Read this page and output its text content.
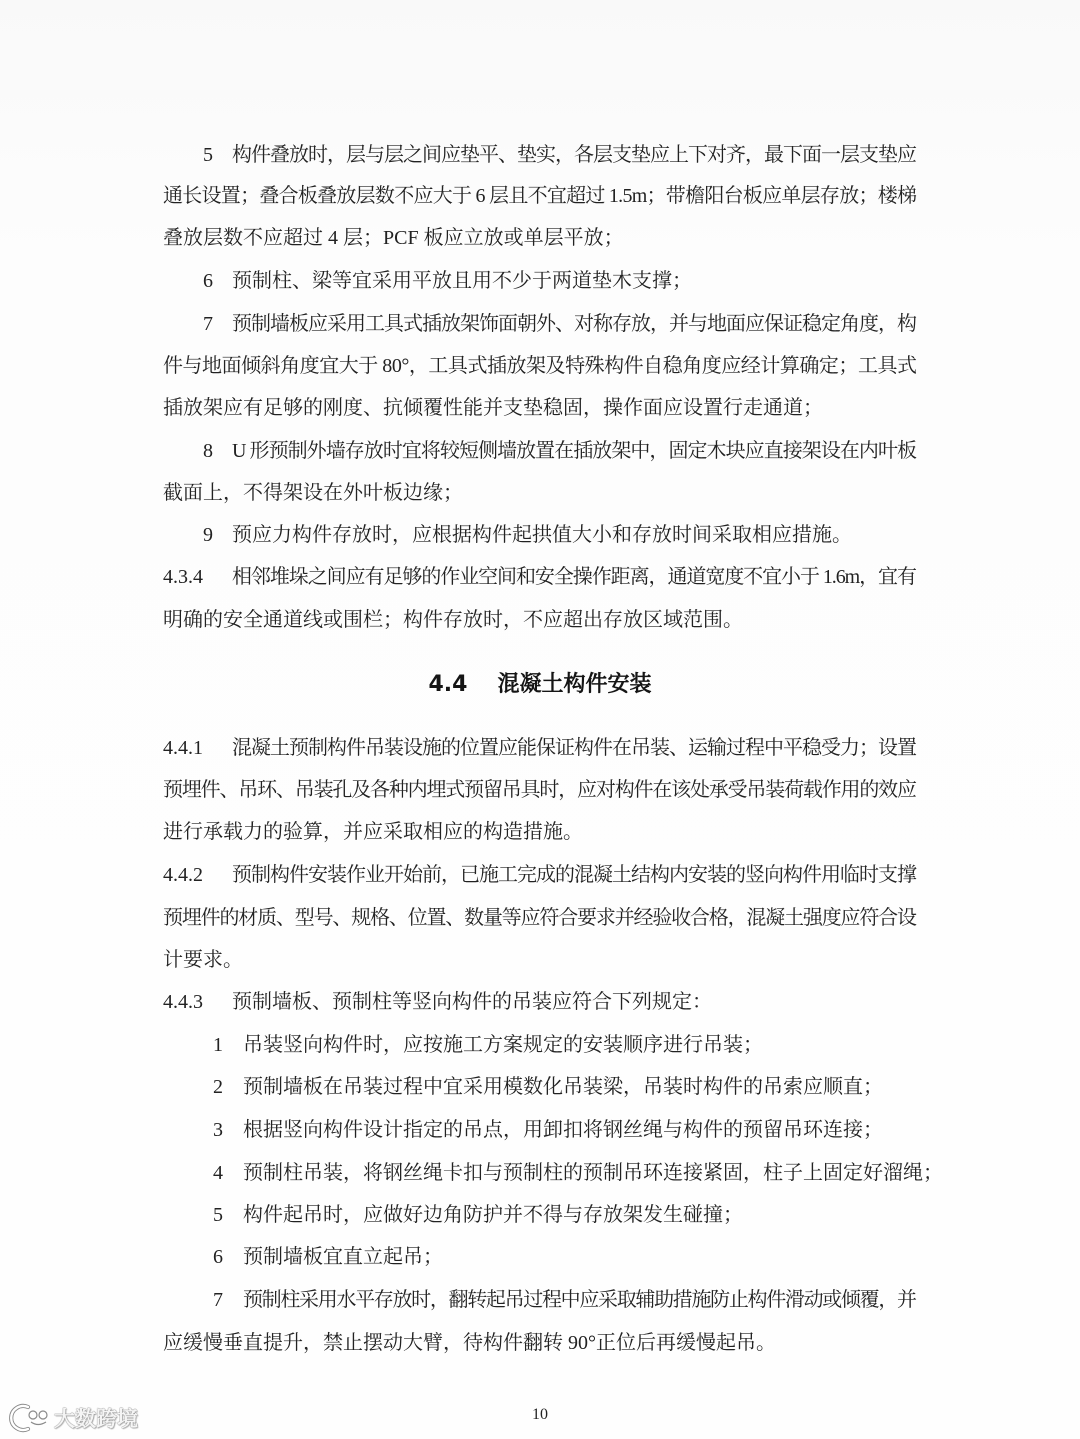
5 构件叠放时，层与层之间应垫平、垫实，各层支垫应上下对齐，最下面一层支垫应
通长设置；叠合板叠放层数不应大于 6 层且不宜超过 1.5m；带檐阳台板应单层存放；楼梯
叠放层数不应超过 4 层；PCF 板应立放或单层平放；
6 预制柱、梁等宜采用平放且用不少于两道垫木支撑；
7 预制墙板应采用工具式插放架饰面朝外、对称存放，并与地面应保证稳定角度，构
件与地面倾斜角度宜大于 80°，工具式插放架及特殊构件自稳角度应经计算确定；工具式
插放架应有足够的刚度、抗倾覆性能并支垫稳固，操作面应设置行走通道；
8 U 形预制外墙存放时宜将较短侧墙放置在插放架中，固定木块应直接架设在内叶板
截面上，不得架设在外叶板边缘；
9 预应力构件存放时，应根据构件起拱值大小和存放时间采取相应措施。
4.3.4	相邻堆垛之间应有足够的作业空间和安全操作距离，通道宽度不宜小于 1.6m，宜有
明确的安全通道线或围栏；构件存放时，不应超出存放区域范围。
4.4 混凝土构件安装
4.4.1	混凝土预制构件吊装设施的位置应能保证构件在吊装、运输过程中平稳受力；设置
预埋件、吊环、吊装孔及各种内埋式预留吊具时，应对构件在该处承受吊装荷载作用的效应
进行承载力的验算，并应采取相应的构造措施。
4.4.2	预制构件安装作业开始前，已施工完成的混凝土结构内安装的竖向构件用临时支撑
预埋件的材质、型号、规格、位置、数量等应符合要求并经验收合格，混凝土强度应符合设
计要求。
4.4.3	预制墙板、预制柱等竖向构件的吊装应符合下列规定：
1	吊装竖向构件时，应按施工方案规定的安装顺序进行吊装；
2	预制墙板在吊装过程中宜采用模数化吊装梁，吊装时构件的吊索应顺直；
3	根据竖向构件设计指定的吊点，用卸扣将钢丝绳与构件的预留吊环连接；
4	预制柱吊装，将钢丝绳卡扣与预制柱的预制吊环连接紧固，柱子上固定好溜绳；
5	构件起吊时，应做好边角防护并不得与存放架发生碰撞；
6	预制墙板宜直立起吊；
7	预制柱采用水平存放时，翻转起吊过程中应采取辅助措施防止构件滑动或倾覆，并
应缓慢垂直提升，禁止摆动大臂，待构件翻转 90°正位后再缓慢起吊。
10
大数跨境
